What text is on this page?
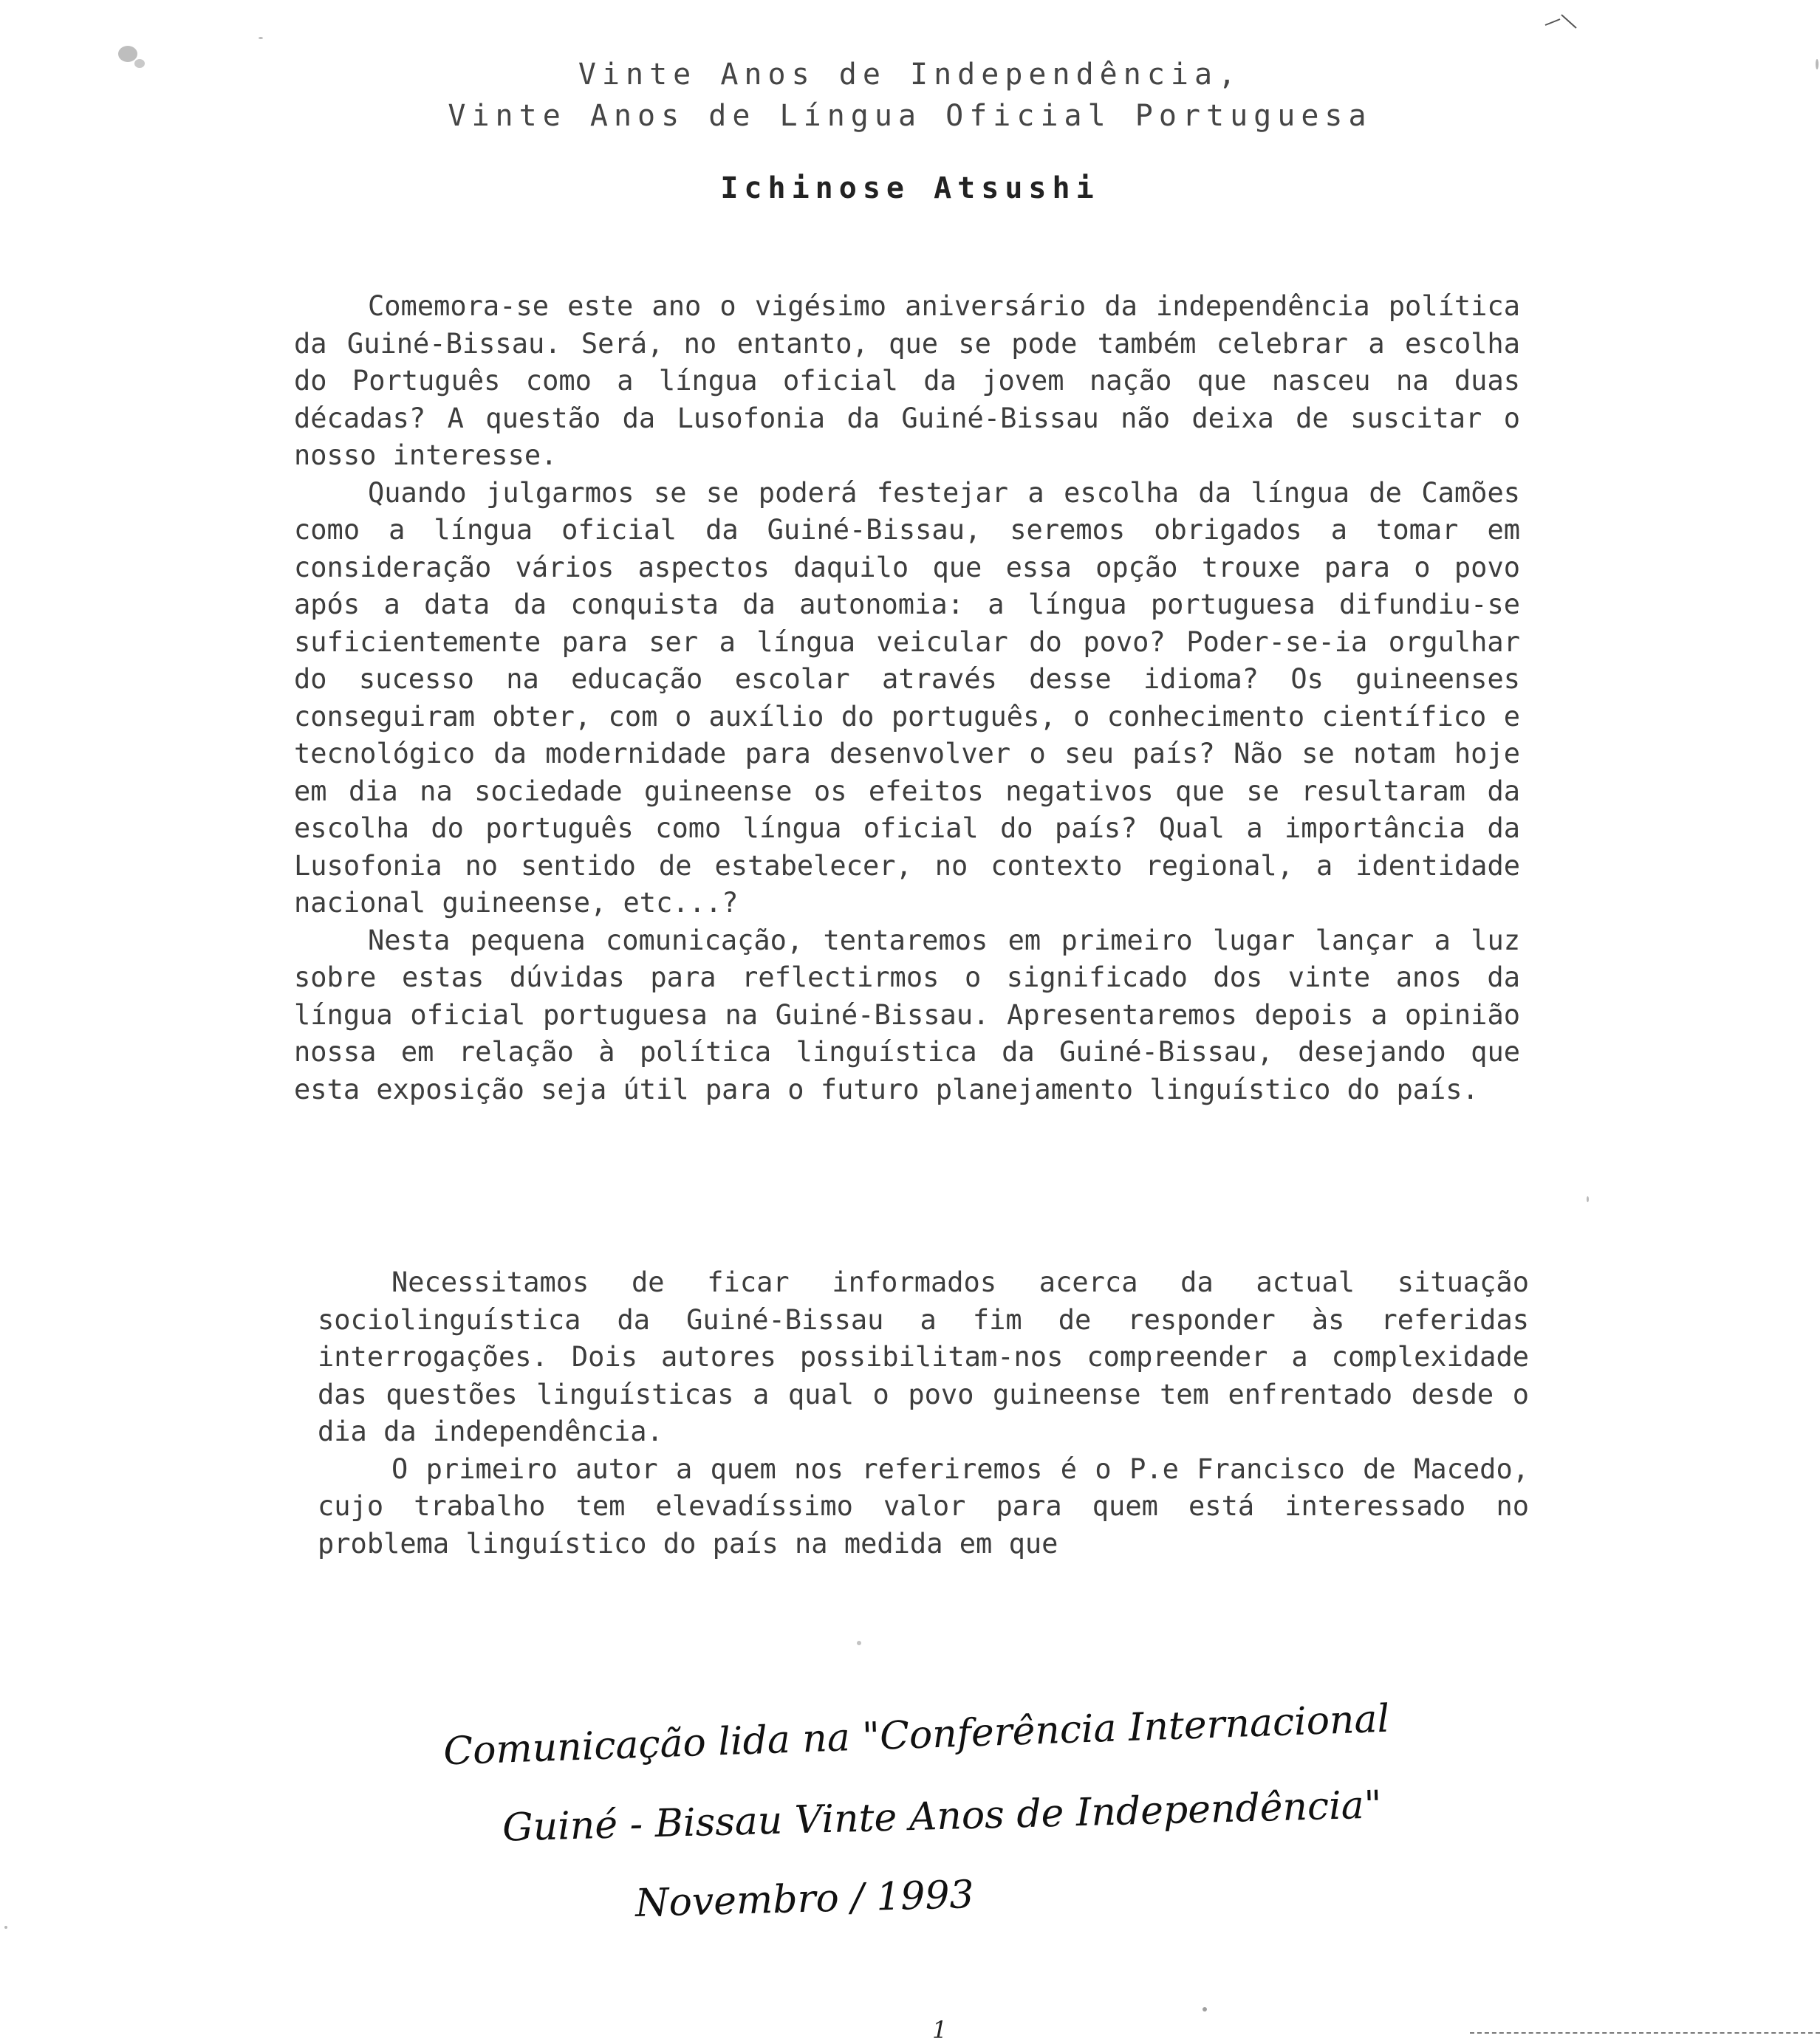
Vinte Anos de Independência,
Vinte Anos de Língua Oficial Portuguesa
Ichinose Atsushi

Comemora-se este ano o vigésimo aniversário da independência política da Guiné-Bissau. Será, no entanto, que se pode também celebrar a escolha do Português como a língua oficial da jovem nação que nasceu na duas décadas? A questão da Lusofonia da Guiné-Bissau não deixa de suscitar o nosso interesse.

Quando julgarmos se se poderá festejar a escolha da língua de Camões como a língua oficial da Guiné-Bissau, seremos obrigados a tomar em consideração vários aspectos daquilo que essa opção trouxe para o povo após a data da conquista da autonomia: a língua portuguesa difundiu-se suficientemente para ser a língua veicular do povo? Poder-se-ia orgulhar do sucesso na educação escolar através desse idioma? Os guineenses conseguiram obter, com o auxílio do português, o conhecimento científico e tecnológico da modernidade para desenvolver o seu país? Não se notam hoje em dia na sociedade guineense os efeitos negativos que se resultaram da escolha do português como língua oficial do país? Qual a importância da Lusofonia no sentido de estabelecer, no contexto regional, a identidade nacional guineense, etc...?

Nesta pequena comunicação, tentaremos em primeiro lugar lançar a luz sobre estas dúvidas para reflectirmos o significado dos vinte anos da língua oficial portuguesa na Guiné-Bissau. Apresentaremos depois a opinião nossa em relação à política linguística da Guiné-Bissau, desejando que esta exposição seja útil para o futuro planejamento linguístico do país.

Necessitamos de ficar informados acerca da actual situação sociolinguística da Guiné-Bissau a fim de responder às referidas interrogações. Dois autores possibilitam-nos compreender a complexidade das questões linguísticas a qual o povo guineense tem enfrentado desde o dia da independência.

O primeiro autor a quem nos referiremos é o P.e Francisco de Macedo, cujo trabalho tem elevadíssimo valor para quem está interessado no problema linguístico do país na medida em que

Comunicação lida na "Conferência Internacional
Guiné - Bissau Vinte Anos de Independência"
Novembro / 1993
1
